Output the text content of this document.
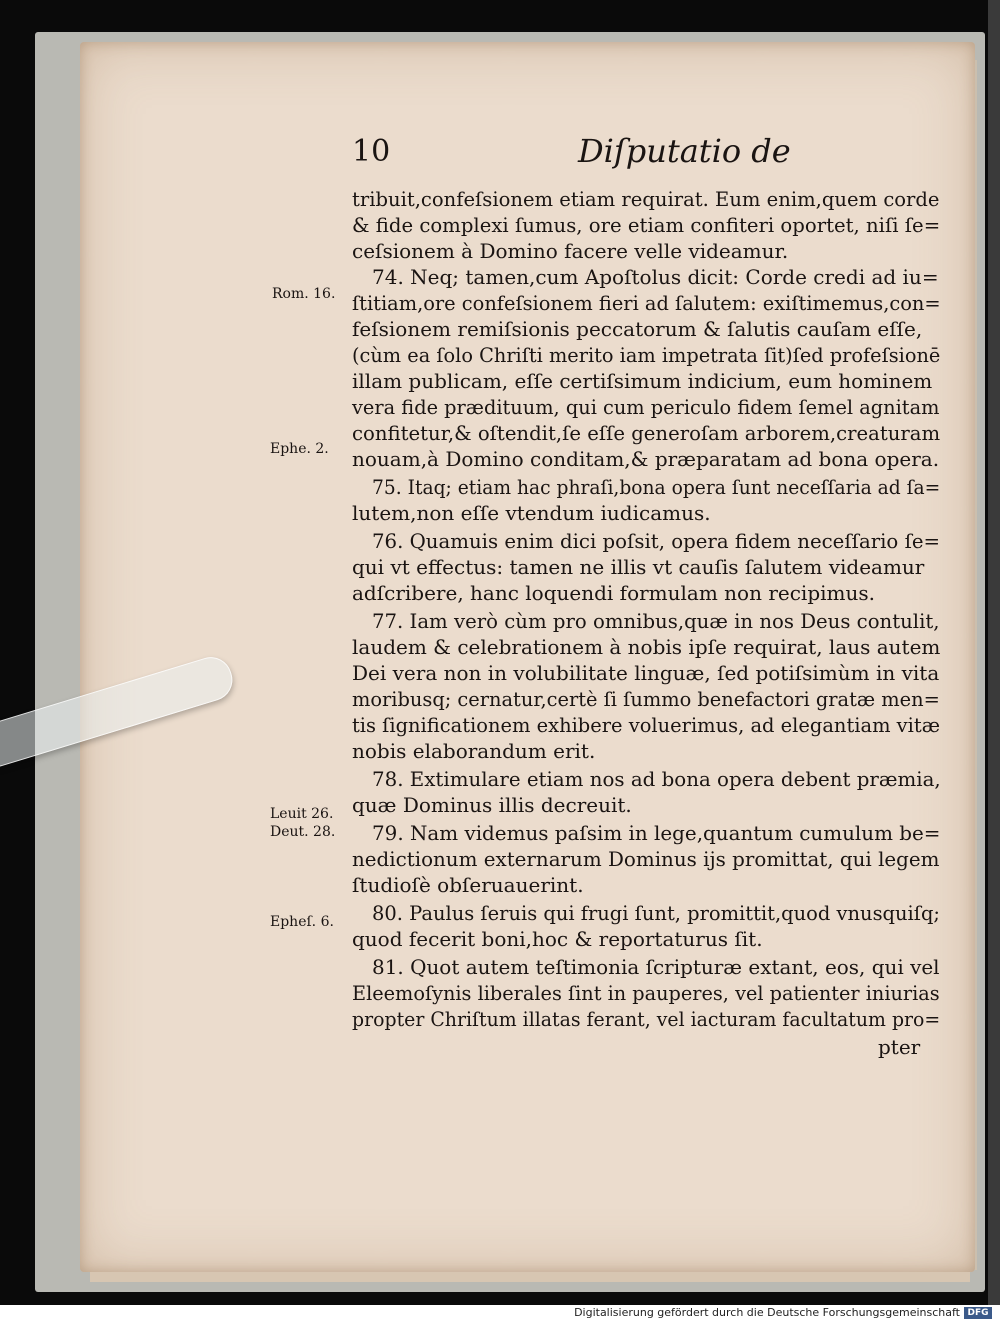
10	Diſputatio de

Rom. 16.

Ephe. 2.

Leuit 26.

Deut. 28.

Epheſ. 6.

tribuit,confeſsionem etiam requirat. Eum enim,quem corde

& fide complexi ſumus, ore etiam confiteri oportet, niſi ſe=

ceſsionem à Domino facere velle videamur.

74. Neq; tamen,cum Apoſtolus dicit: Corde credi ad iu=

ſtitiam,ore confeſsionem fieri ad ſalutem: exiſtimemus,con=

feſsionem remiſsionis peccatorum & ſalutis cauſam eſſe,

(cùm ea ſolo Chriſti merito iam impetrata ſit)ſed profeſsionē

illam publicam, eſſe certiſsimum indicium, eum hominem

vera fide prædituum, qui cum periculo fidem ſemel agnitam

confitetur,& oſtendit,ſe eſſe generoſam arborem,creaturam

nouam,à Domino conditam,& præparatam ad bona opera.

75. Itaq; etiam hac phraſi,bona opera ſunt neceſſaria ad ſa=

lutem,non eſſe vtendum iudicamus.

76. Quamuis enim dici poſsit, opera fidem neceſſario ſe=

qui vt effectus: tamen ne illis vt cauſis ſalutem videamur

adſcribere, hanc loquendi formulam non recipimus.

77. Iam verò cùm pro omnibus,quæ in nos Deus contulit,

laudem & celebrationem à nobis ipſe requirat, laus autem

Dei vera non in volubilitate linguæ, ſed potiſsimùm in vita

moribusq; cernatur,certè ſi ſummo benefactori gratæ men=

tis ſignificationem exhibere voluerimus, ad elegantiam vitæ

nobis elaborandum erit.

78. Extimulare etiam nos ad bona opera debent præmia,

quæ Dominus illis decreuit.

79. Nam videmus paſsim in lege,quantum cumulum be=

nedictionum externarum Dominus ijs promittat, qui legem

ſtudioſè obſeruauerint.

80. Paulus ſeruis qui frugi ſunt, promittit,quod vnusquiſq;

quod fecerit boni,hoc & reportaturus ſit.

81. Quot autem teſtimonia ſcripturæ extant, eos, qui vel

Eleemoſynis liberales ſint in pauperes, vel patienter iniurias

propter Chriſtum illatas ferant, vel iacturam facultatum pro=

pter

Digitalisierung gefördert durch die Deutsche Forschungsgemeinschaft DFG
